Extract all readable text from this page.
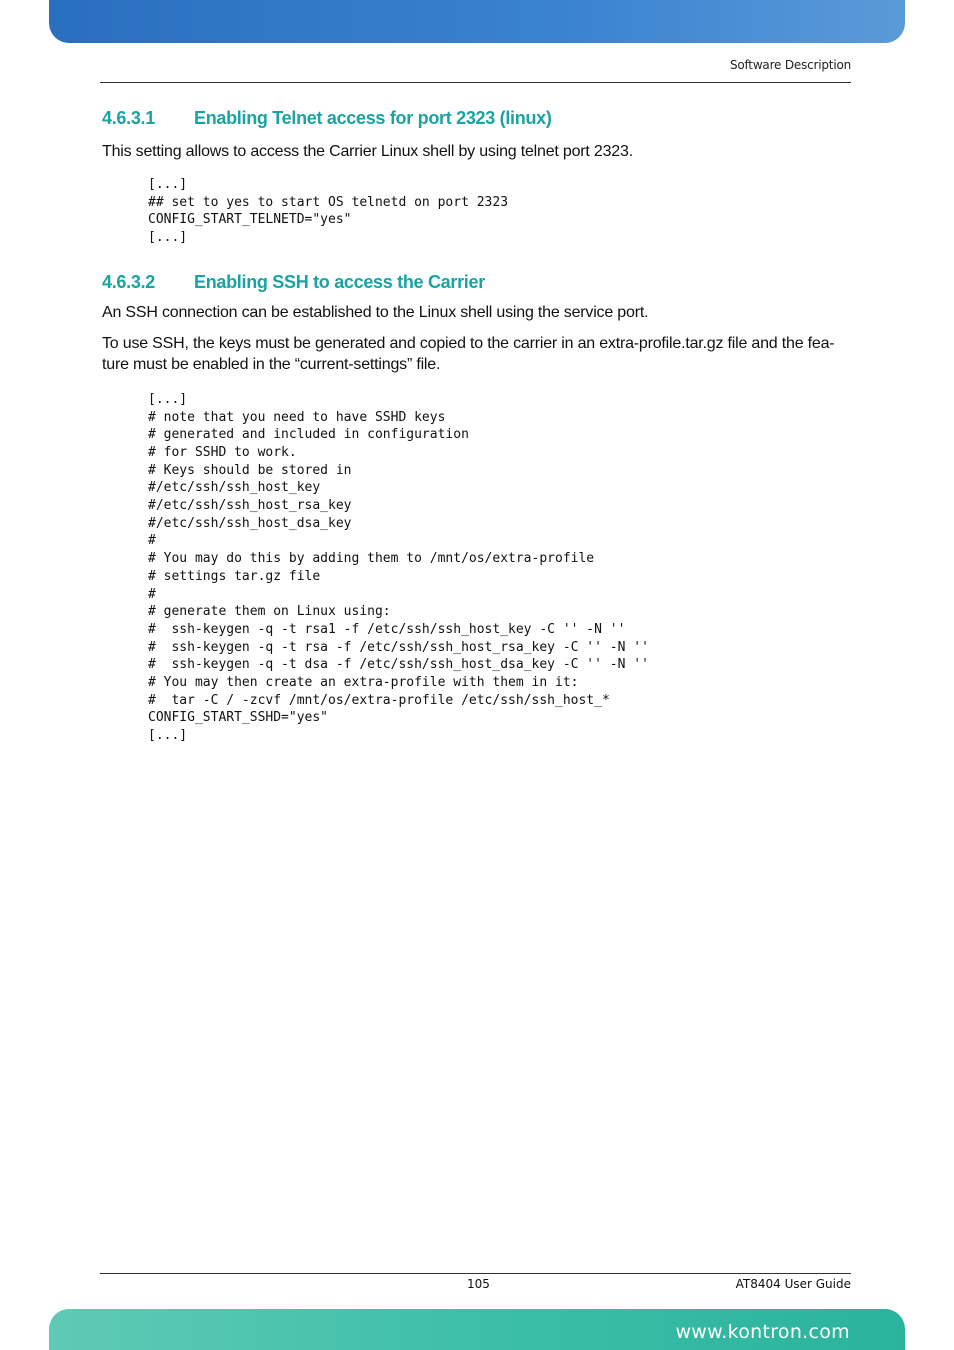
Software Description
4.6.3.1 Enabling Telnet access for port 2323 (linux)

This setting allows to access the Carrier Linux shell by using telnet port 2323.

[...]
## set to yes to start OS telnetd on port 2323
CONFIG_START_TELNETD="yes"
[...]
4.6.3.2 Enabling SSH to access the Carrier

An SSH connection can be established to the Linux shell using the service port.

To use SSH, the keys must be generated and copied to the carrier in an extra-profile.tar.gz file and the fea-ture must be enabled in the “current-settings” file.

[...]
# note that you need to have SSHD keys
# generated and included in configuration
# for SSHD to work.
# Keys should be stored in
#/etc/ssh/ssh_host_key
#/etc/ssh/ssh_host_rsa_key
#/etc/ssh/ssh_host_dsa_key
#
# You may do this by adding them to /mnt/os/extra-profile
# settings tar.gz file
#
# generate them on Linux using:
#  ssh-keygen -q -t rsa1 -f /etc/ssh/ssh_host_key -C '' -N ''
#  ssh-keygen -q -t rsa -f /etc/ssh/ssh_host_rsa_key -C '' -N ''
#  ssh-keygen -q -t dsa -f /etc/ssh/ssh_host_dsa_key -C '' -N ''
# You may then create an extra-profile with them in it:
#  tar -C / -zcvf /mnt/os/extra-profile /etc/ssh/ssh_host_*
CONFIG_START_SSHD="yes"
[...]
105	AT8404 User Guide
www.kontron.com
